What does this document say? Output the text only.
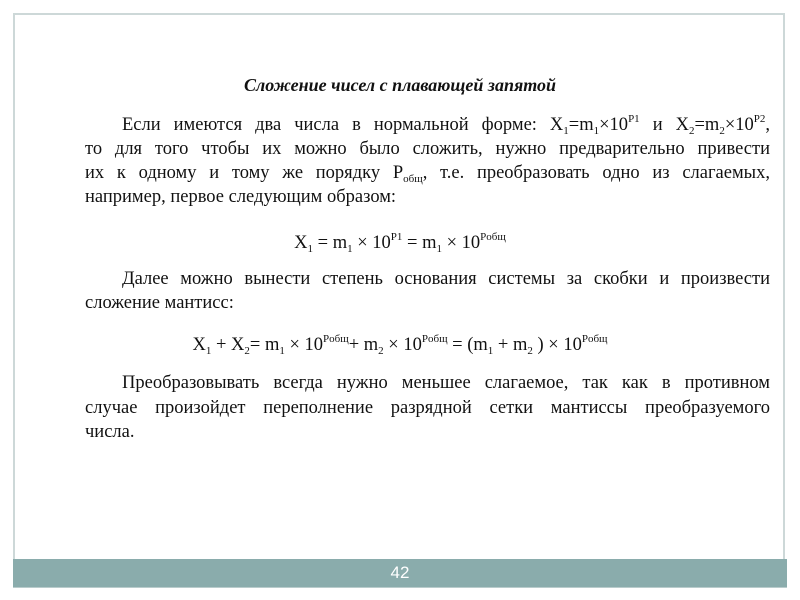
Сложение чисел с плавающей запятой
Если имеются два числа в нормальной форме: $X_1=m_1\times 10^{P1}$ и $X_2=m_2\times 10^{P2}$,
то для того чтобы их можно было сложить, нужно предварительно привести
их к одному и тому же порядку $P_{общ}$, т.е. преобразовать одно из слагаемых,
например, первое следующим образом:
$X_1 = m_1 \times 10^{P1} = m_1 \times 10^{Pобщ}$
Далее можно вынести степень основания системы за скобки и произвести
сложение мантисс:
$X_1 + X_2= m_1 \times 10^{Pобщ}+ m_2 \times 10^{Pобщ} = (m_1 + m_2$ ) × $10^{Pобщ}$
Преобразовывать всегда нужно меньшее слагаемое, так как в противном
случае произойдет переполнение разрядной сетки мантиссы преобразуемого
числа.
42
